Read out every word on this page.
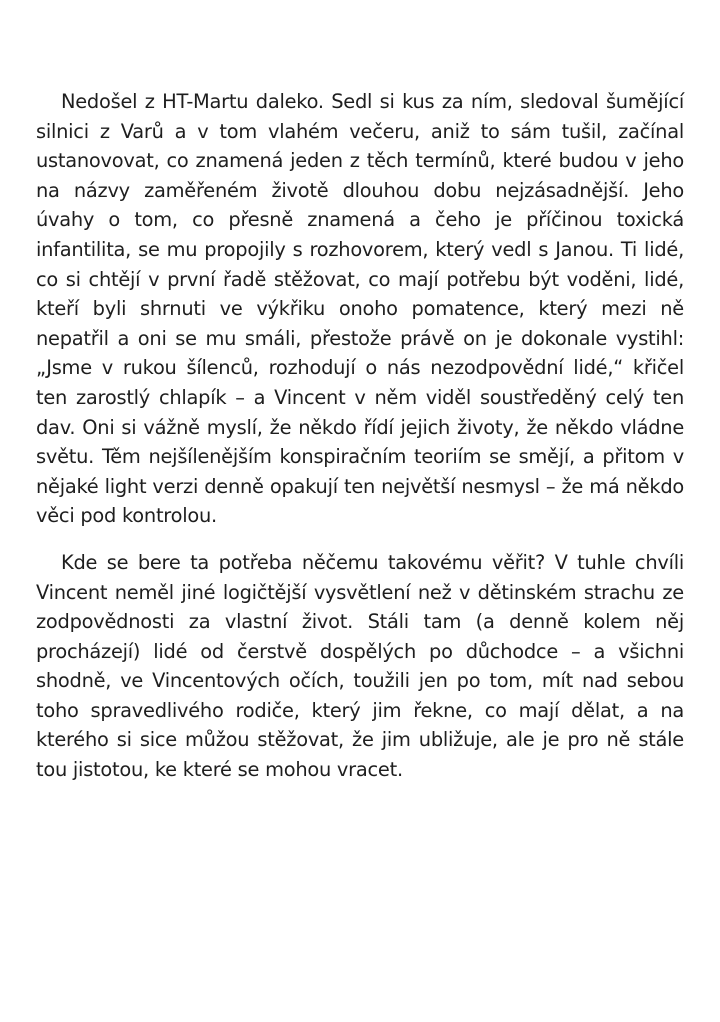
Nedošel z HT-Martu daleko. Sedl si kus za ním, sledoval šumějící silnici z Varů a v tom vlahém večeru, aniž to sám tušil, začínal ustanovovat, co znamená jeden z těch termínů, které budou v jeho na názvy zaměřeném životě dlouhou dobu nejzásadnější. Jeho úvahy o tom, co přesně znamená a čeho je příčinou toxická infantilita, se mu propojily s rozhovorem, který vedl s Janou. Ti lidé, co si chtějí v první řadě stěžovat, co mají potřebu být voděni, lidé, kteří byli shrnuti ve výkřiku onoho pomatence, který mezi ně nepatřil a oni se mu smáli, přestože právě on je dokonale vystihl: „Jsme v rukou šílenců, rozhodují o nás nezodpovědní lidé,“ křičel ten zarostlý chlapík – a Vincent v něm viděl soustředěný celý ten dav. Oni si vážně myslí, že někdo řídí jejich životy, že někdo vládne světu. Těm nejšílenějším konspiračním teoriím se smějí, a přitom v nějaké light verzi denně opakují ten největší nesmysl – že má někdo věci pod kontrolou.

Kde se bere ta potřeba něčemu takovému věřit? V tuhle chvíli Vincent neměl jiné logičtější vysvětlení než v dětinském strachu ze zodpovědnosti za vlastní život. Stáli tam (a denně kolem něj procházejí) lidé od čerstvě dospělých po důchodce – a všichni shodně, ve Vincentových očích, toužili jen po tom, mít nad sebou toho spravedlivého rodiče, který jim řekne, co mají dělat, a na kterého si sice můžou stěžovat, že jim ubližuje, ale je pro ně stále tou jistotou, ke které se mohou vracet.
